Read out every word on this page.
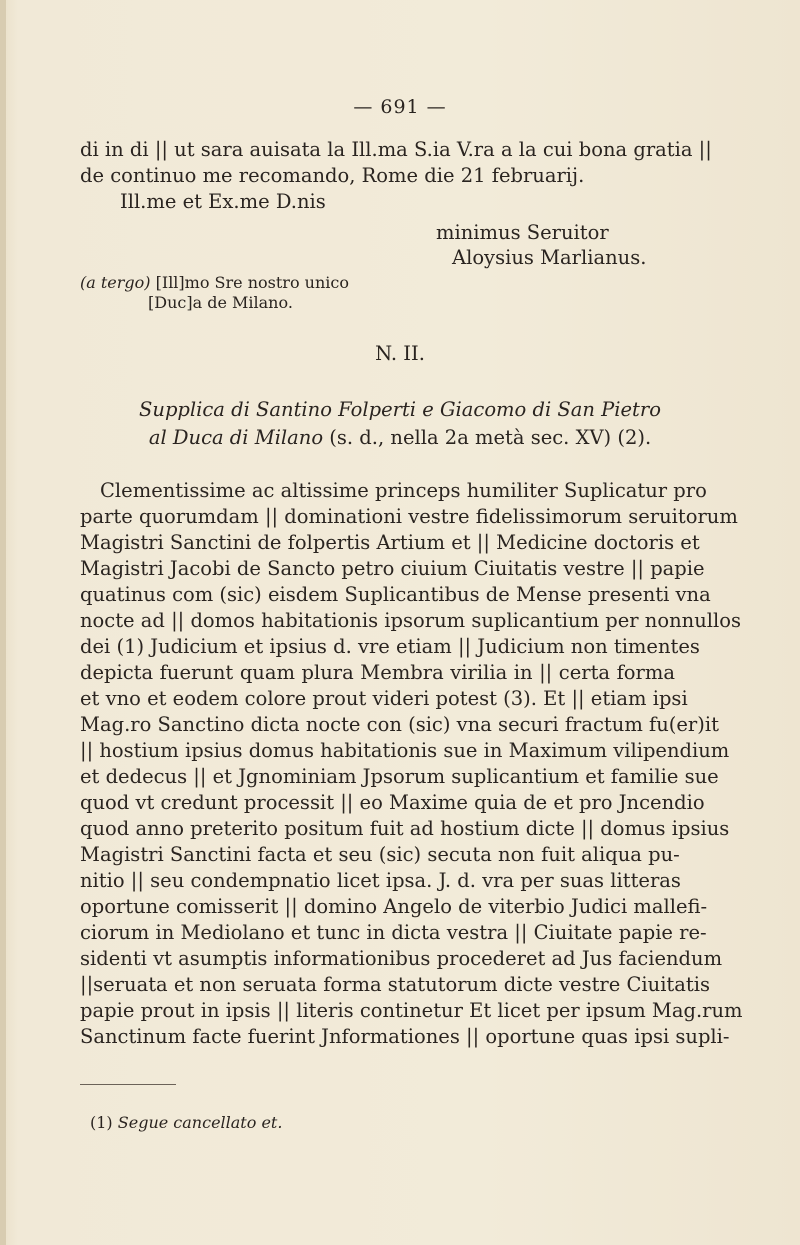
— 691 —
di in di || ut sara auisata la Ill.ma S.ia V.ra a la cui bona gratia ||
de continuo me recomando, Rome die 21 februarij.
Ill.me et Ex.me D.nis
minimus Seruitor
Aloysius Marlianus.
(a tergo) [Ill]mo Sre nostro unico
[Duc]a de Milano.
N. II.
Supplica di Santino Folperti e Giacomo di San Pietro
al Duca di Milano (s. d., nella 2a metà sec. XV) (2).
Clementissime ac altissime princeps humiliter Suplicatur pro
parte quorumdam || dominationi vestre fidelissimorum seruitorum
Magistri Sanctini de folpertis Artium et || Medicine doctoris et
Magistri Jacobi de Sancto petro ciuium Ciuitatis vestre || papie
quatinus com (sic) eisdem Suplicantibus de Mense presenti vna
nocte ad || domos habitationis ipsorum suplicantium per nonnullos
dei (1) Judicium et ipsius d. vre etiam || Judicium non timentes
depicta fuerunt quam plura Membra virilia in || certa forma
et vno et eodem colore prout videri potest (3). Et || etiam ipsi
Mag.ro Sanctino dicta nocte con (sic) vna securi fractum fu(er)it
|| hostium ipsius domus habitationis sue in Maximum vilipendium
et dedecus || et Jgnominiam Jpsorum suplicantium et familie sue
quod vt credunt processit || eo Maxime quia de et pro Jncendio
quod anno preterito positum fuit ad hostium dicte || domus ipsius
Magistri Sanctini facta et seu (sic) secuta non fuit aliqua pu-
nitio || seu condempnatio licet ipsa. J. d. vra per suas litteras
oportune comisserit || domino Angelo de viterbio Judici mallefi-
ciorum in Mediolano et tunc in dicta vestra || Ciuitate papie re-
sidenti vt asumptis informationibus procederet ad Jus faciendum
||seruata et non seruata forma statutorum dicte vestre Ciuitatis
papie prout in ipsis || literis continetur Et licet per ipsum Mag.rum
Sanctinum facte fuerint Jnformationes || oportune quas ipsi supli-
(1) Segue cancellato et.
